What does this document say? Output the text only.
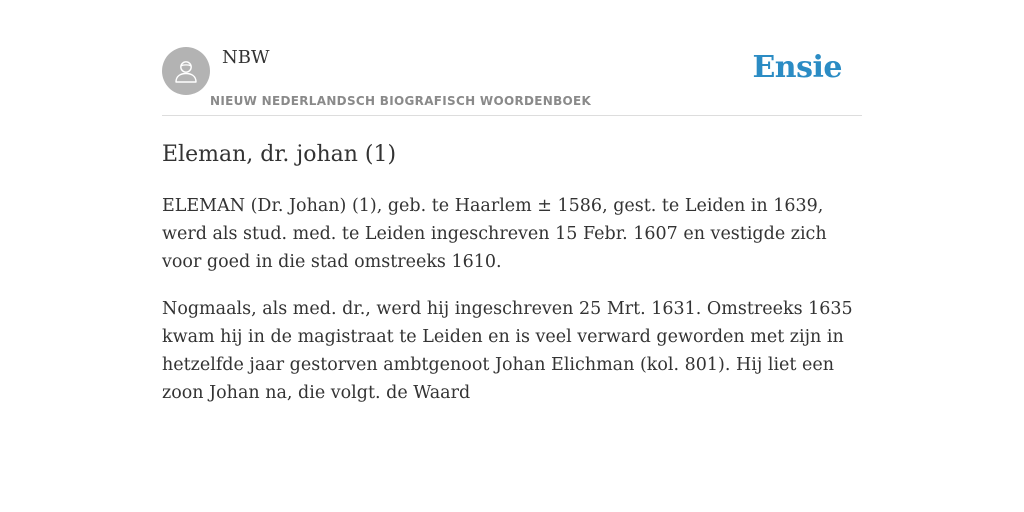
NBW
NIEUW NEDERLANDSCH BIOGRAFISCH WOORDENBOEK
Ensie
Eleman, dr. johan (1)

ELEMAN (Dr. Johan) (1), geb. te Haarlem ± 1586, gest. te Leiden in 1639, werd als stud. med. te Leiden ingeschreven 15 Febr. 1607 en vestigde zich voor goed in die stad omstreeks 1610.

Nogmaals, als med. dr., werd hij ingeschreven 25 Mrt. 1631. Omstreeks 1635 kwam hij in de magistraat te Leiden en is veel verward geworden met zijn in hetzelfde jaar gestorven ambtgenoot Johan Elichman (kol. 801). Hij liet een zoon Johan na, die volgt. de Waard
